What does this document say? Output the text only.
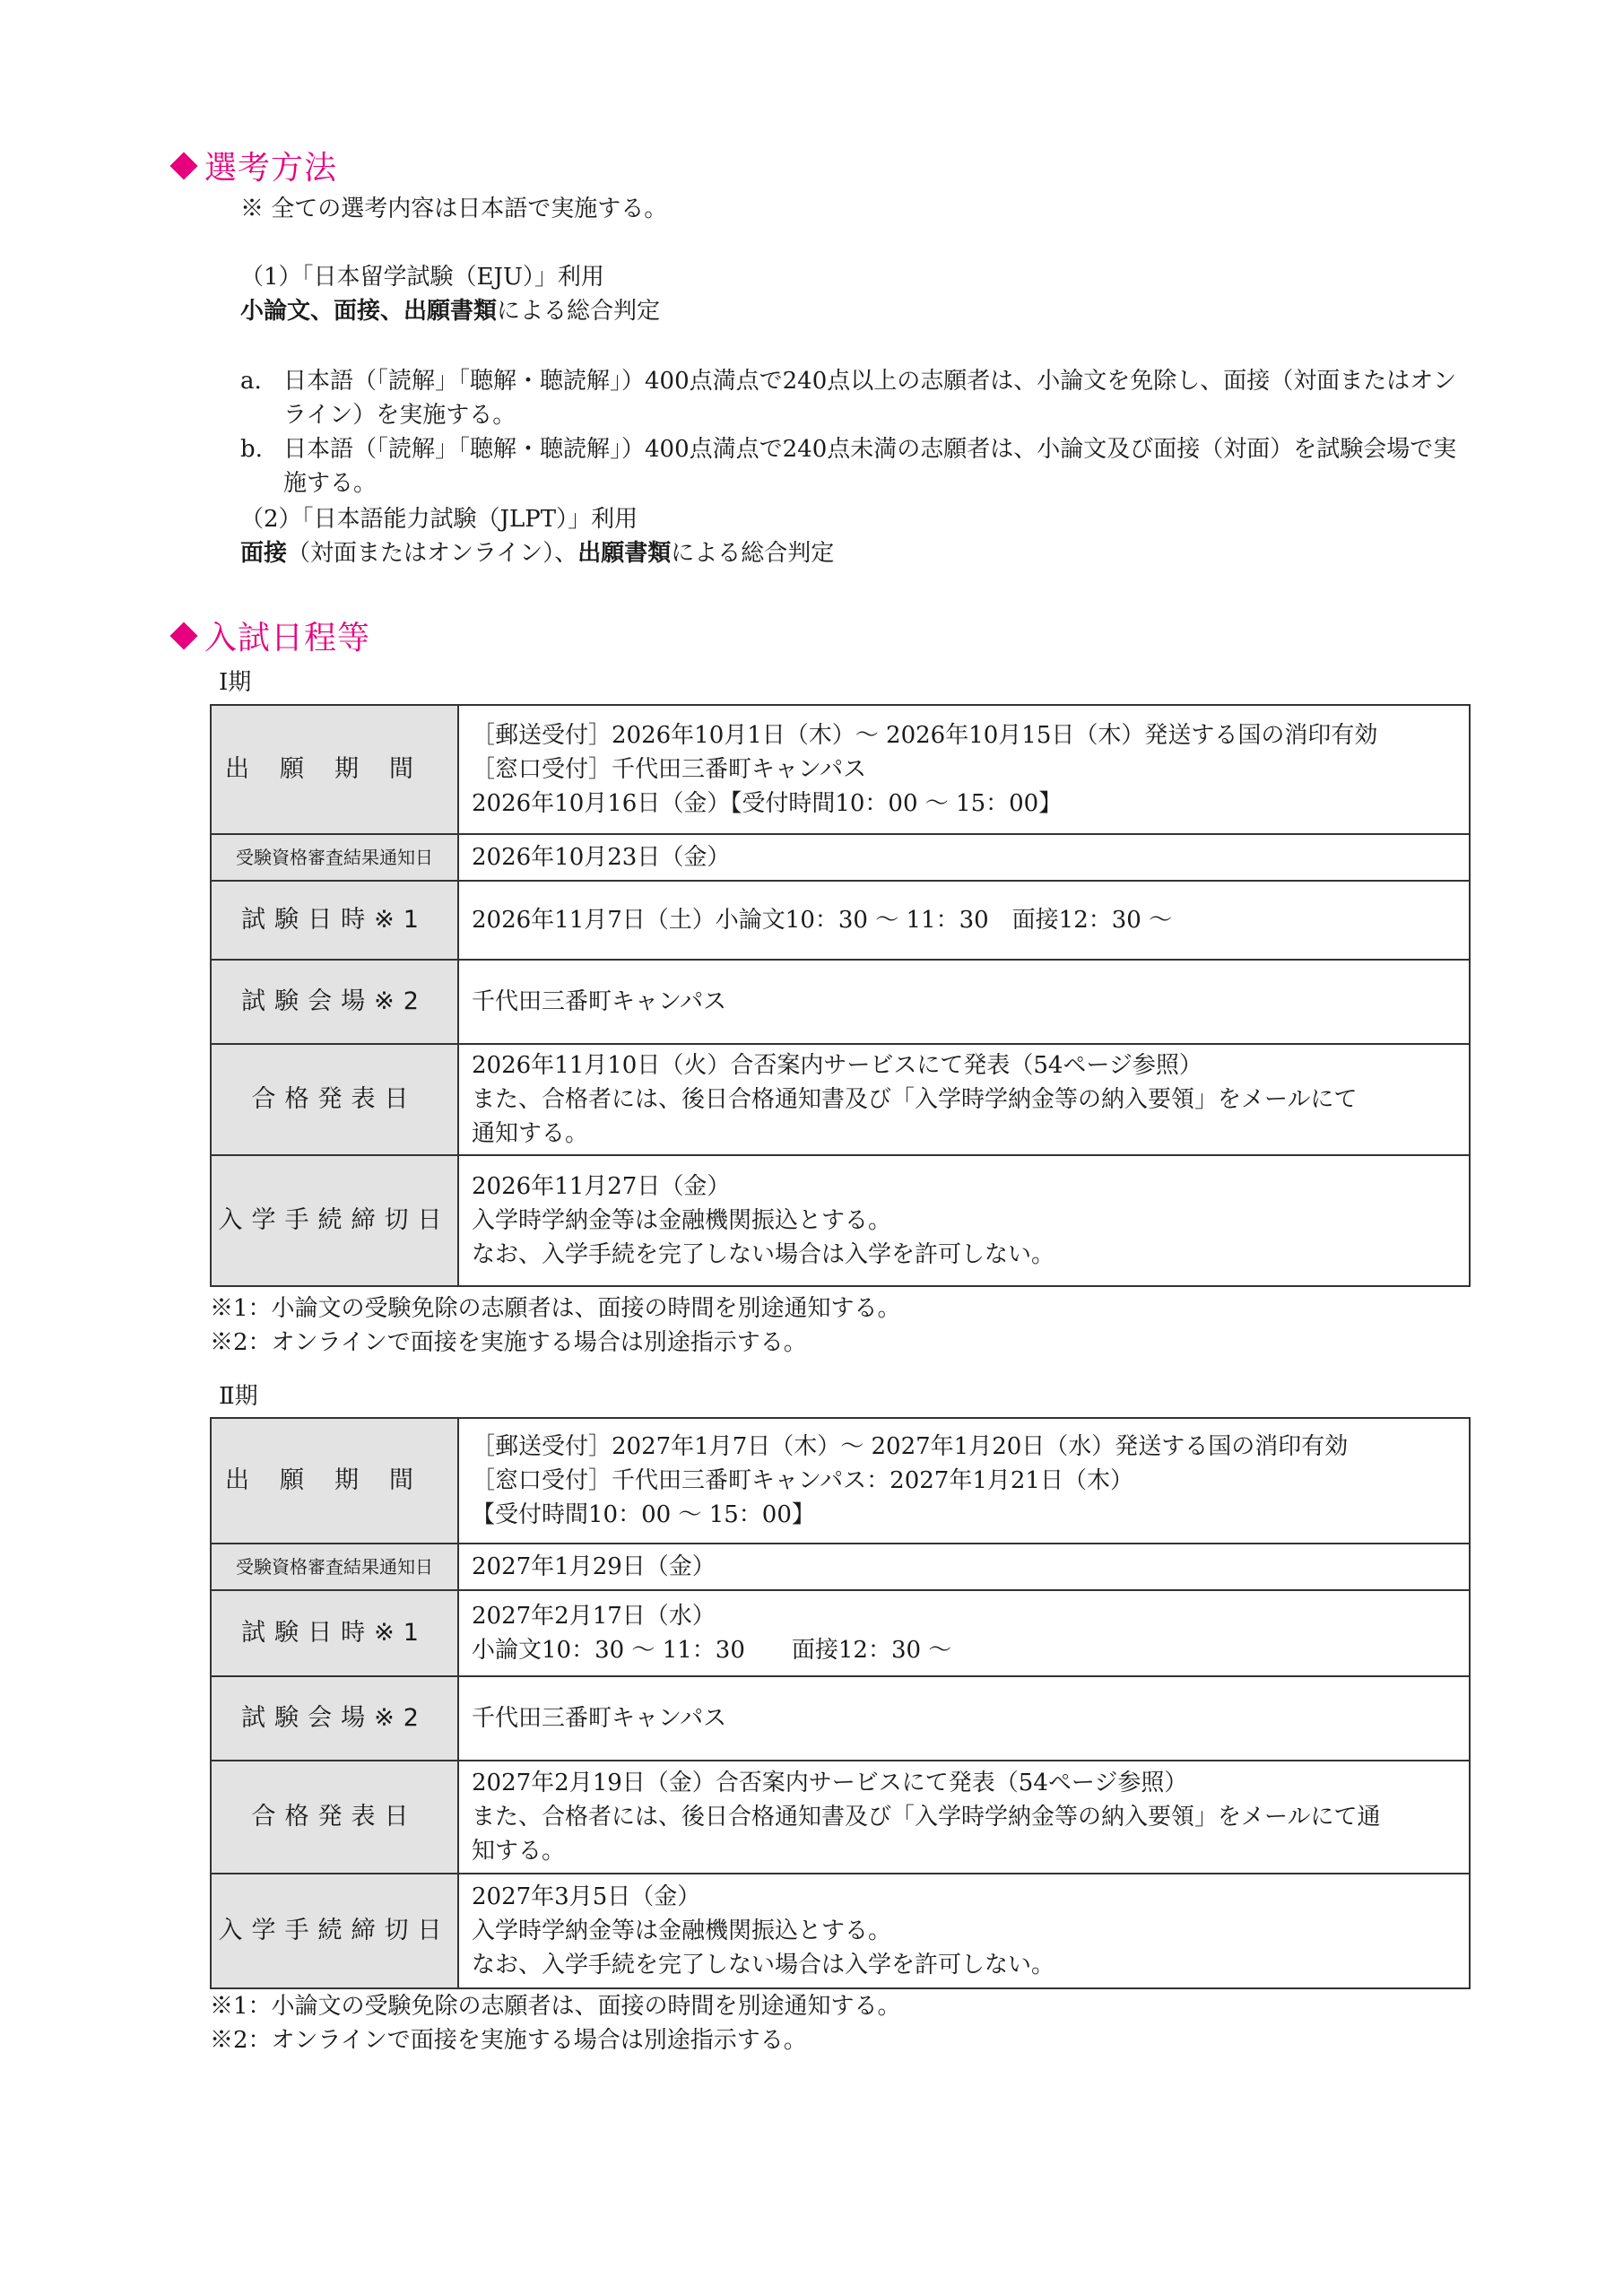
選考方法
※ 全ての選考内容は日本語で実施する。
（1）「日本留学試験（EJU）」利用
小論文、面接、出願書類による総合判定
a. 日本語（「読解」「聴解・聴読解」）400点満点で240点以上の志願者は、小論文を免除し、面接（対面またはオンライン）を実施する。
b. 日本語（「読解」「聴解・聴読解」）400点満点で240点未満の志願者は、小論文及び面接（対面）を試験会場で実施する。
（2）「日本語能力試験（JLPT）」利用
面接（対面またはオンライン）、出願書類による総合判定
入試日程等
Ⅰ期
出願期間	［郵送受付］2026年10月1日（木）～ 2026年10月15日（木）発送する国の消印有効
［窓口受付］千代田三番町キャンパス
2026年10月16日（金）【受付時間10：00 ～ 15：00】

受験資格審査結果通知日	2026年10月23日（金）

試験日時※1	2026年11月7日（土）小論文10：30 ～ 11：30　面接12：30 ～

試験会場※2	千代田三番町キャンパス

合格発表日	2026年11月10日（火）合否案内サービスにて発表（54ページ参照）
また、合格者には、後日合格通知書及び「入学時学納金等の納入要領」をメールにて
通知する。

入学手続締切日	2026年11月27日（金）
入学時学納金等は金融機関振込とする。
なお、入学手続を完了しない場合は入学を許可しない。
※1：小論文の受験免除の志願者は、面接の時間を別途通知する。
※2：オンラインで面接を実施する場合は別途指示する。
Ⅱ期
出願期間	［郵送受付］2027年1月7日（木）～ 2027年1月20日（水）発送する国の消印有効
［窓口受付］千代田三番町キャンパス：2027年1月21日（木）
【受付時間10：00 ～ 15：00】

受験資格審査結果通知日	2027年1月29日（金）

試験日時※1	2027年2月17日（水）
小論文10：30 ～ 11：30　　面接12：30 ～

試験会場※2	千代田三番町キャンパス

合格発表日	2027年2月19日（金）合否案内サービスにて発表（54ページ参照）
また、合格者には、後日合格通知書及び「入学時学納金等の納入要領」をメールにて通
知する。

入学手続締切日	2027年3月5日（金）
入学時学納金等は金融機関振込とする。
なお、入学手続を完了しない場合は入学を許可しない。
※1：小論文の受験免除の志願者は、面接の時間を別途通知する。
※2：オンラインで面接を実施する場合は別途指示する。
